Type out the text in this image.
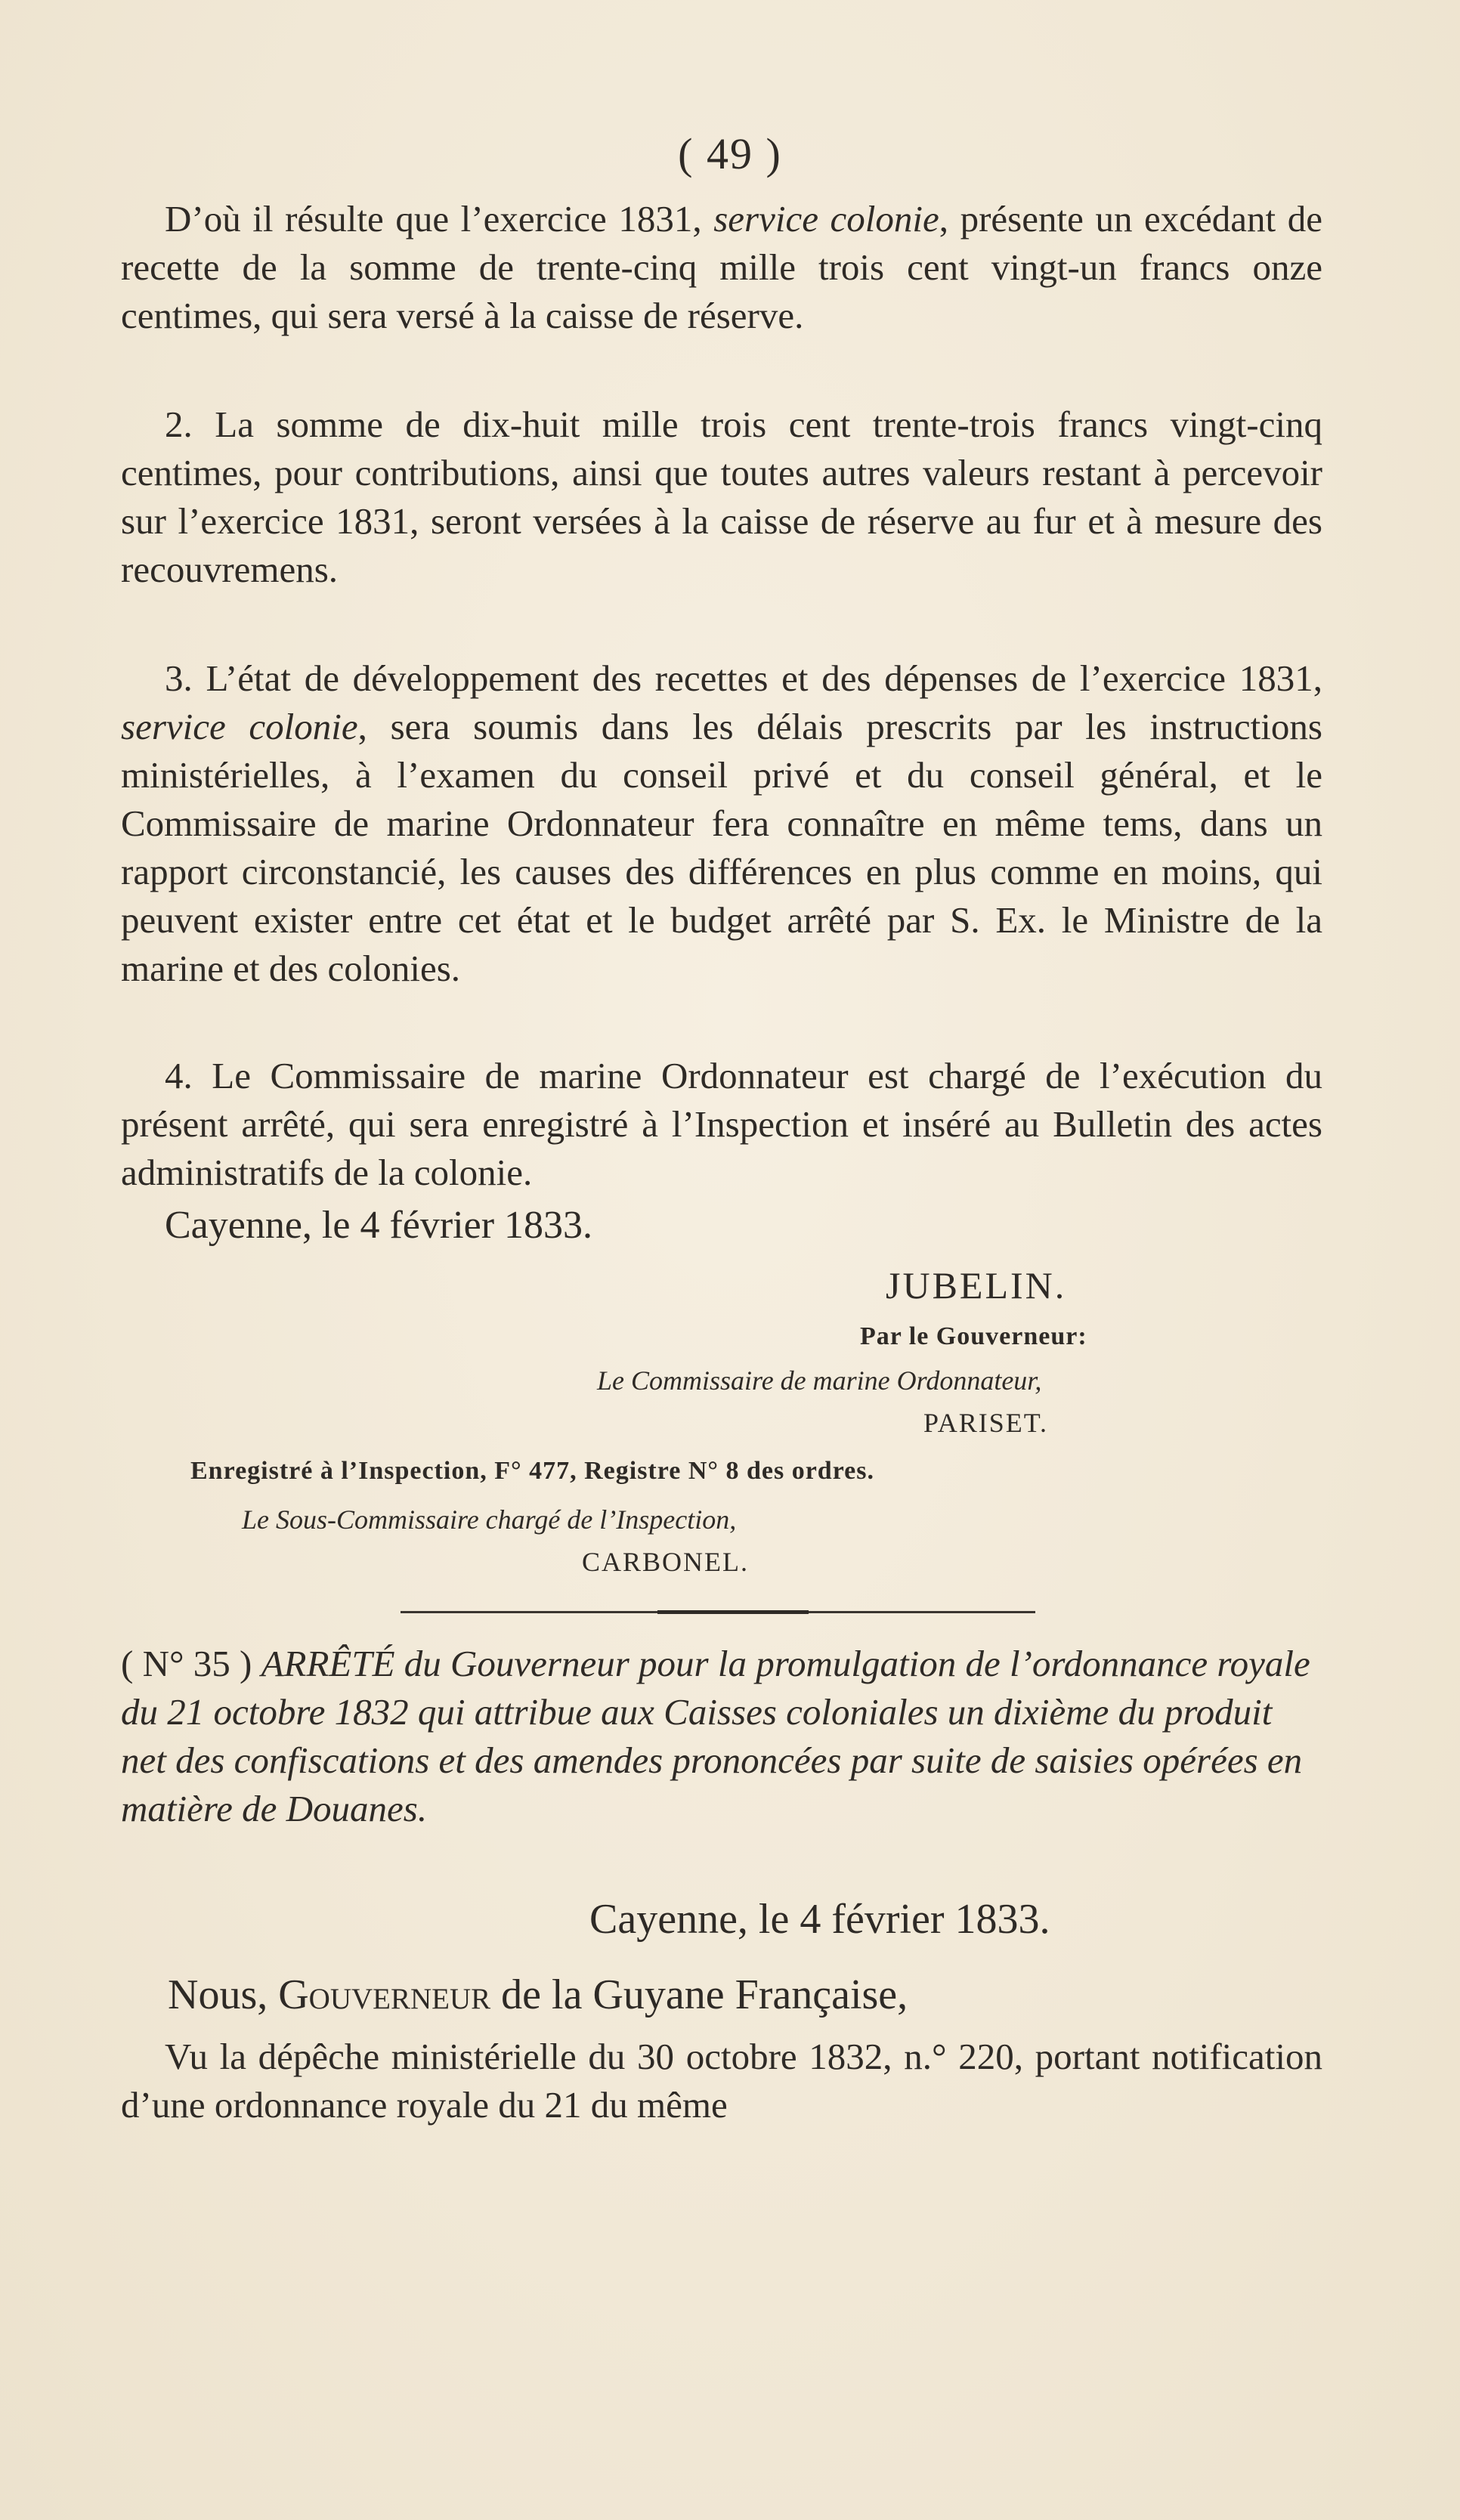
( 49 )

D’où il résulte que l’exercice 1831, service colonie, présente un excédant de recette de la somme de trente-cinq mille trois cent vingt-un francs onze centimes, qui sera versé à la caisse de réserve.

2. La somme de dix-huit mille trois cent trente-trois francs vingt-cinq centimes, pour contributions, ainsi que toutes autres valeurs restant à percevoir sur l’exercice 1831, seront versées à la caisse de réserve au fur et à mesure des recouvremens.

3. L’état de développement des recettes et des dépenses de l’exercice 1831, service colonie, sera soumis dans les délais prescrits par les instructions ministérielles, à l’examen du conseil privé et du conseil général, et le Commissaire de marine Ordonnateur fera connaître en même tems, dans un rapport circonstancié, les causes des différences en plus comme en moins, qui peuvent exister entre cet état et le budget arrêté par S. Ex. le Ministre de la marine et des colonies.

4. Le Commissaire de marine Ordonnateur est chargé de l’exécution du présent arrêté, qui sera enregistré à l’Inspection et inséré au Bulletin des actes administratifs de la colonie.

Cayenne, le 4 février 1833.
JUBELIN.
Par le Gouverneur:
Le Commissaire de marine Ordonnateur,
PARISET.
Enregistré à l’Inspection, F° 477, Registre N° 8 des ordres.
Le Sous-Commissaire chargé de l’Inspection,
CARBONEL.

( N° 35 ) ARRÊTÉ du Gouverneur pour la promulgation de l’ordonnance royale du 21 octobre 1832 qui attribue aux Caisses coloniales un dixième du produit net des confiscations et des amendes prononcées par suite de saisies opérées en matière de Douanes.

Cayenne, le 4 février 1833.
Nous, Gouverneur de la Guyane Française,

Vu la dépêche ministérielle du 30 octobre 1832, n.° 220, portant notification d’une ordonnance royale du 21 du même
